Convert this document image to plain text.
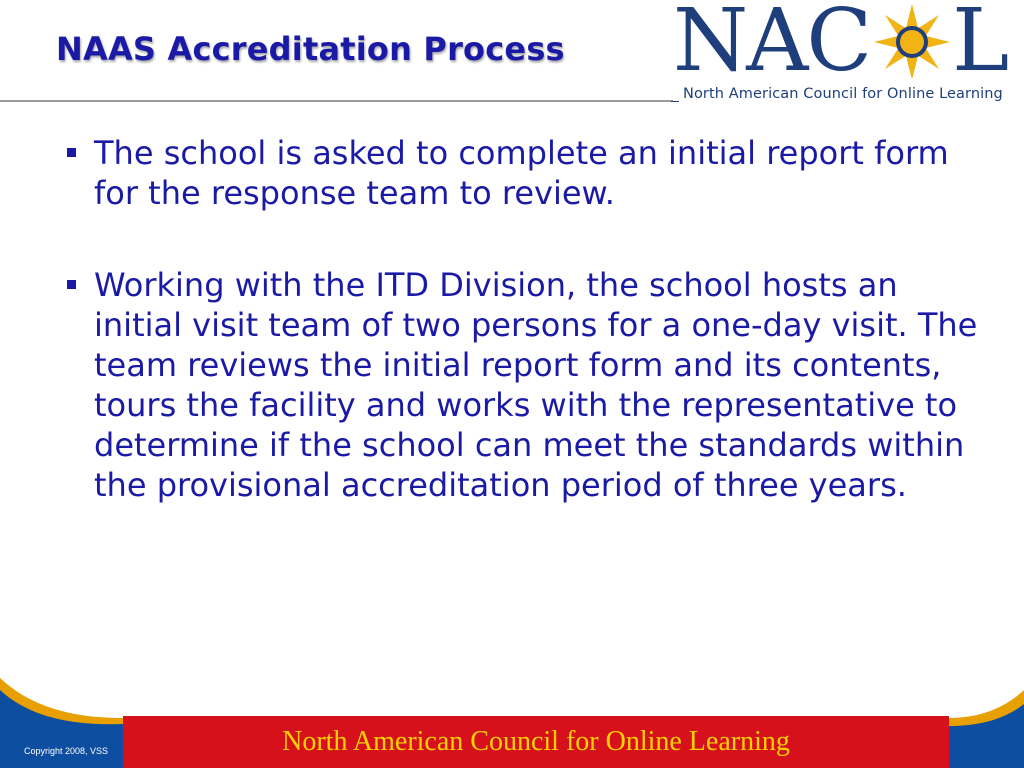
NAAS Accreditation Process NAC L
North American Council for Online Learning
The school is asked to complete an initial report form for the response team to review.
Working with the ITD Division, the school hosts an initial visit team of two persons for a one-day visit. The team reviews the initial report form and its contents, tours the facility and works with the representative to determine if the school can meet the standards within the provisional accreditation period of three years.
North American Council for Online Learning
Copyright 2008, VSS
